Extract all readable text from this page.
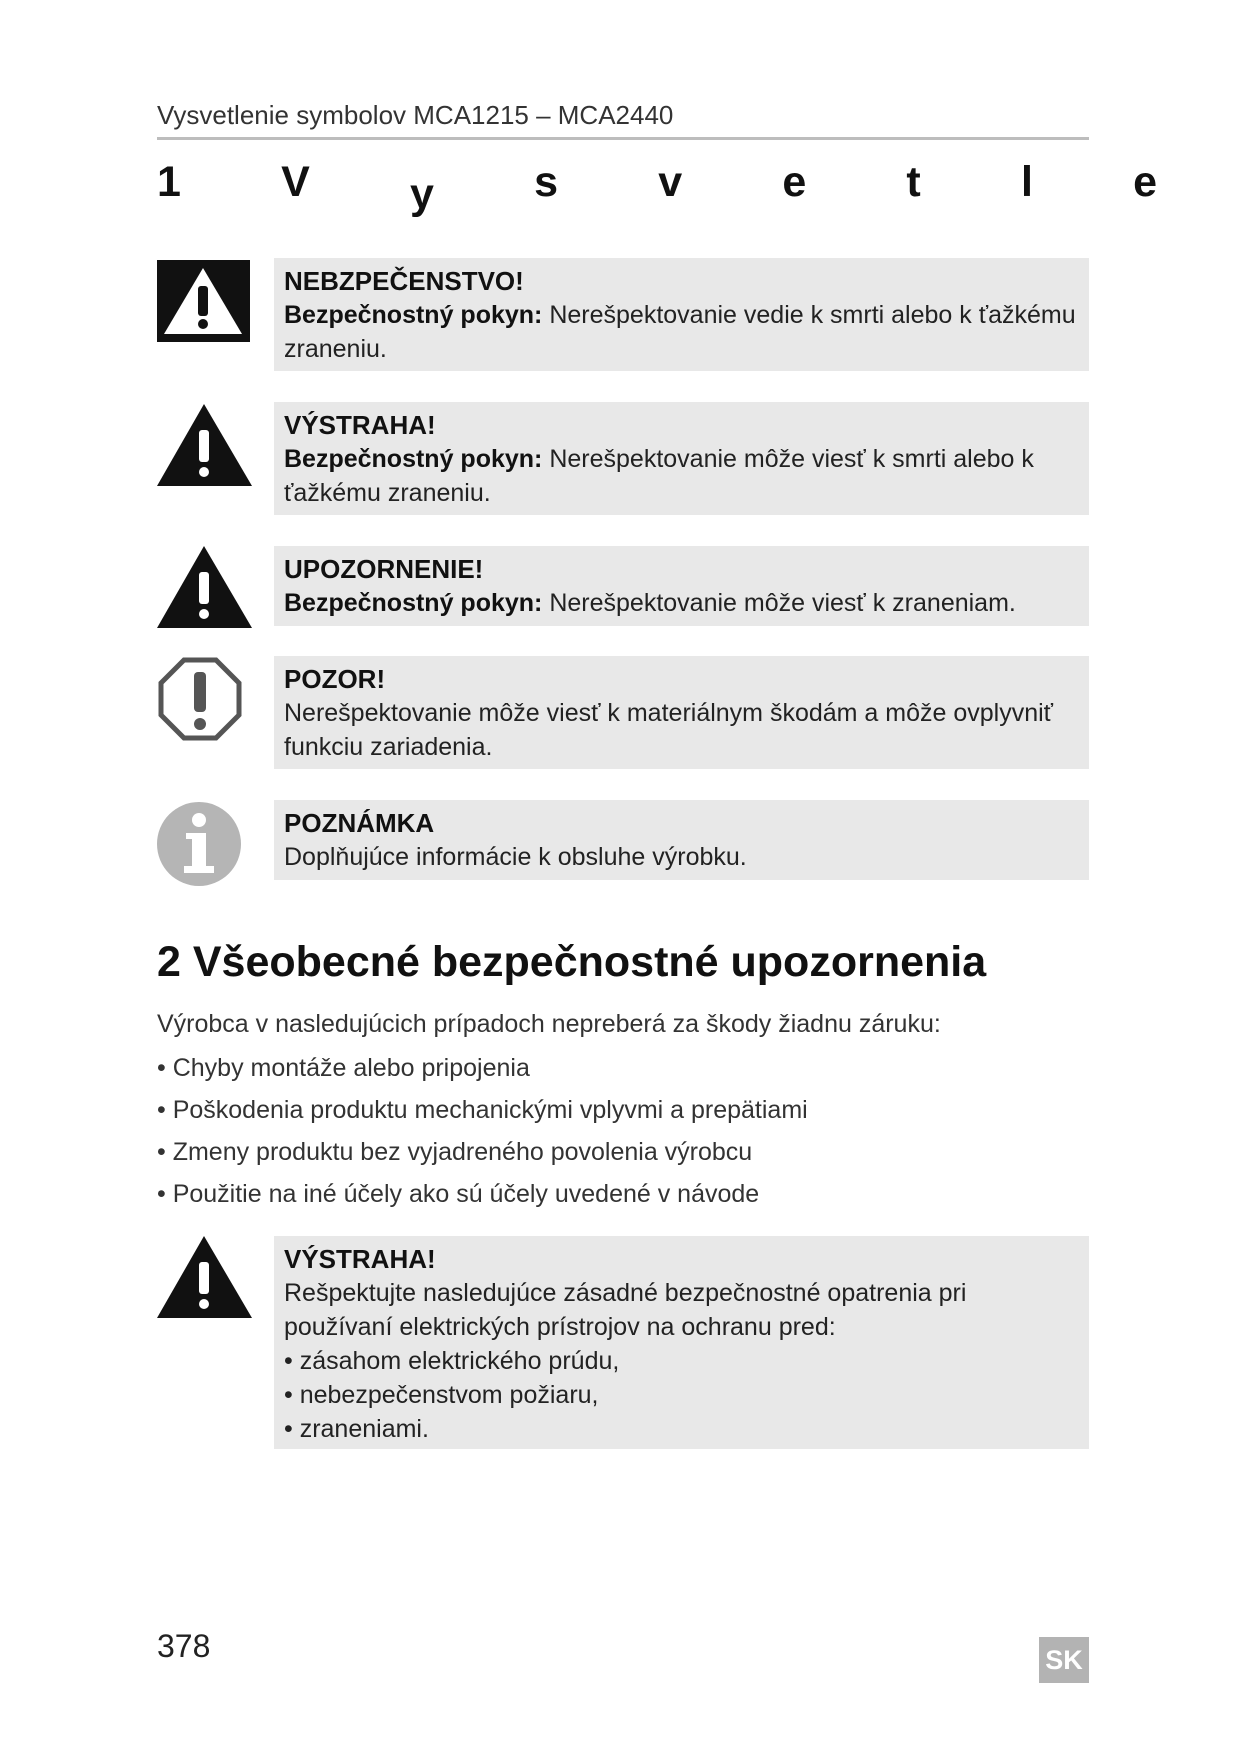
Vysvetlenie symbolov MCA1215 – MCA2440
1 V y s v e t l e
NEBZPEČENSTVO!
Bezpečnostný pokyn: Nerešpektovanie vedie k smrti alebo k ťažkému zraneniu.
VÝSTRAHA!
Bezpečnostný pokyn: Nerešpektovanie môže viesť k smrti alebo k ťažkému zraneniu.
UPOZORNENIE!
Bezpečnostný pokyn: Nerešpektovanie môže viesť k zraneniam.
POZOR!
Nerešpektovanie môže viesť k materiálnym škodám a môže ovplyvniť funkciu zariadenia.
POZNÁMKA
Doplňujúce informácie k obsluhe výrobku.
2 Všeobecné bezpečnostné upozornenia
Výrobca v nasledujúcich prípadoch nepreberá za škody žiadnu záruku:
• Chyby montáže alebo pripojenia
• Poškodenia produktu mechanickými vplyvmi a prepätiami
• Zmeny produktu bez vyjadreného povolenia výrobcu
• Použitie na iné účely ako sú účely uvedené v návode
VÝSTRAHA!
Rešpektujte nasledujúce zásadné bezpečnostné opatrenia pri používaní elektrických prístrojov na ochranu pred:
• zásahom elektrického prúdu,
• nebezpečenstvom požiaru,
• zraneniami.
378	SK
